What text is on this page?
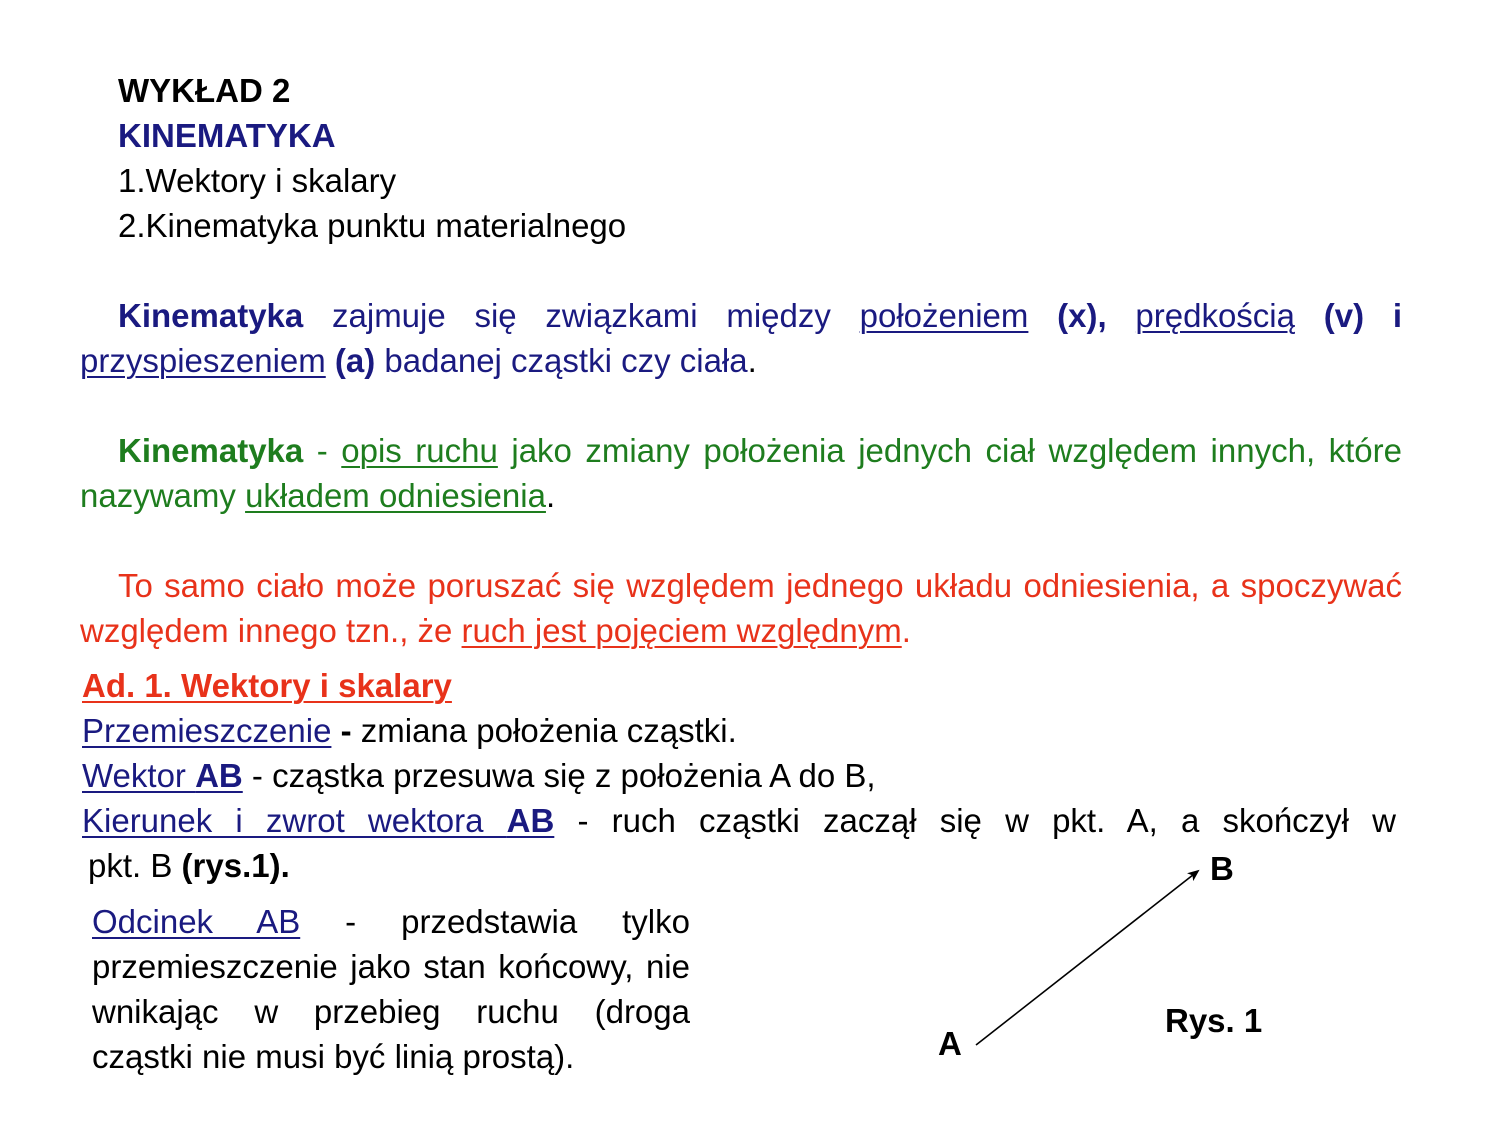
WYKŁAD 2
KINEMATYKA
1.Wektory i skalary
2.Kinematyka punktu materialnego
Kinematyka zajmuje się związkami między położeniem (x), prędkością (v) i przyspieszeniem (a) badanej cząstki czy ciała.
Kinematyka - opis ruchu jako zmiany położenia jednych ciał względem innych, które nazywamy układem odniesienia.
To samo ciało może poruszać się względem jednego układu odniesienia, a spoczywać względem innego tzn., że ruch jest pojęciem względnym.
Ad. 1. Wektory i skalary
Przemieszczenie - zmiana położenia cząstki.
Wektor AB - cząstka przesuwa się z położenia A do B,
Kierunek i zwrot wektora AB - ruch cząstki zaczął się w pkt. A, a skończył w
pkt. B (rys.1).
Odcinek AB - przedstawia tylko przemieszczenie jako stan końcowy, nie wnikając w przebieg ruchu (droga cząstki nie musi być linią prostą).
B
A
Rys. 1
